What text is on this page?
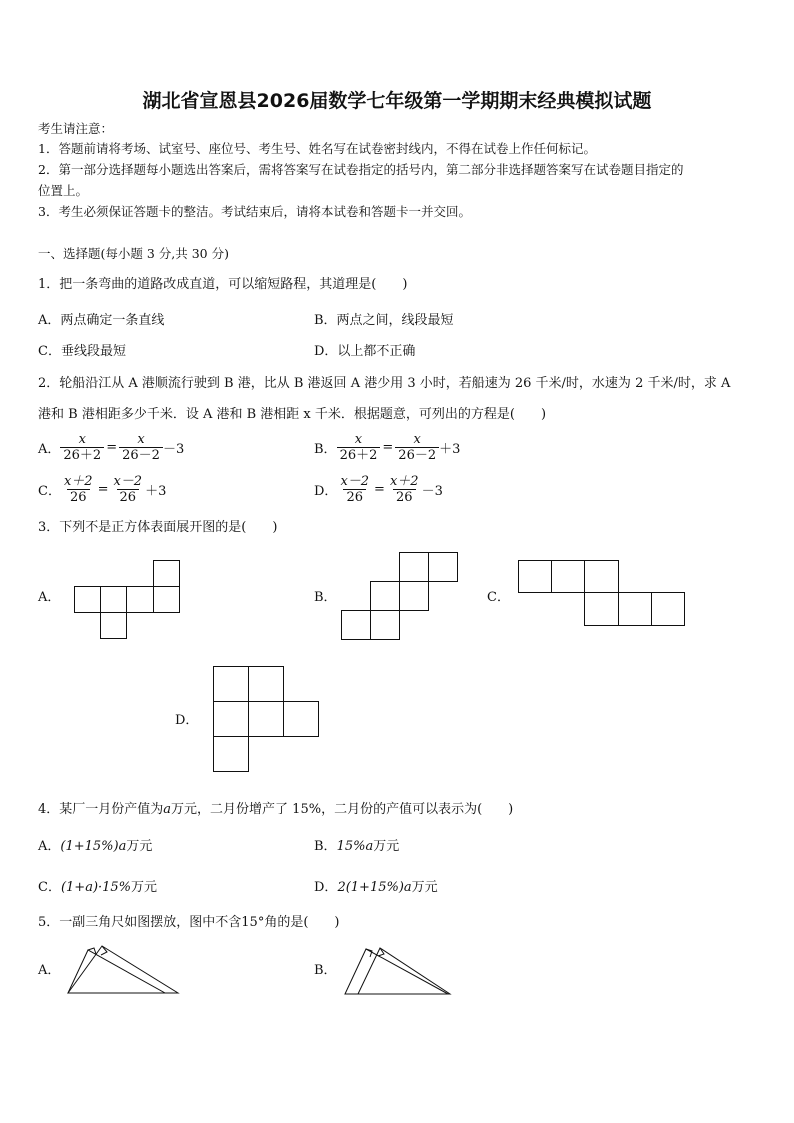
湖北省宣恩县2026届数学七年级第一学期期末经典模拟试题
考生请注意：
1．答题前请将考场、试室号、座位号、考生号、姓名写在试卷密封线内，不得在试卷上作任何标记。
2．第一部分选择题每小题选出答案后，需将答案写在试卷指定的括号内，第二部分非选择题答案写在试卷题目指定的
位置上。
3．考生必须保证答题卡的整洁。考试结束后，请将本试卷和答题卡一并交回。
一、选择题(每小题 3 分,共 30 分)
1．把一条弯曲的道路改成直道，可以缩短路程，其道理是(　　)
A．两点确定一条直线	B．两点之间，线段最短
C．垂线段最短	D．以上都不正确
2．轮船沿江从 A 港顺流行驶到 B 港，比从 B 港返回 A 港少用 3 小时，若船速为 26 千米/时，水速为 2 千米/时，求 A
港和 B 港相距多少千米．设 A 港和 B 港相距 x 千米．根据题意，可列出的方程是(　　)
A． $\frac{x}{26+2} = \frac{x}{26-2} -3$	B． $\frac{x}{26+2} = \frac{x}{26-2} +3$
C． $\frac{x+2}{26} = \frac{x-2}{26} +3$	D． $\frac{x-2}{26} = \frac{x+2}{26} -3$
3．下列不是正方体表面展开图的是(　　)
A．	B．	C．
D．
4．某厂一月份产值为a万元，二月份增产了 15%，二月份的产值可以表示为(　　)
A．(1+15%)a万元	B．15%a万元
C．(1+a)·15%万元	D．2(1+15%)a万元
5．一副三角尺如图摆放，图中不含15°角的是(　　)
A．	B．
